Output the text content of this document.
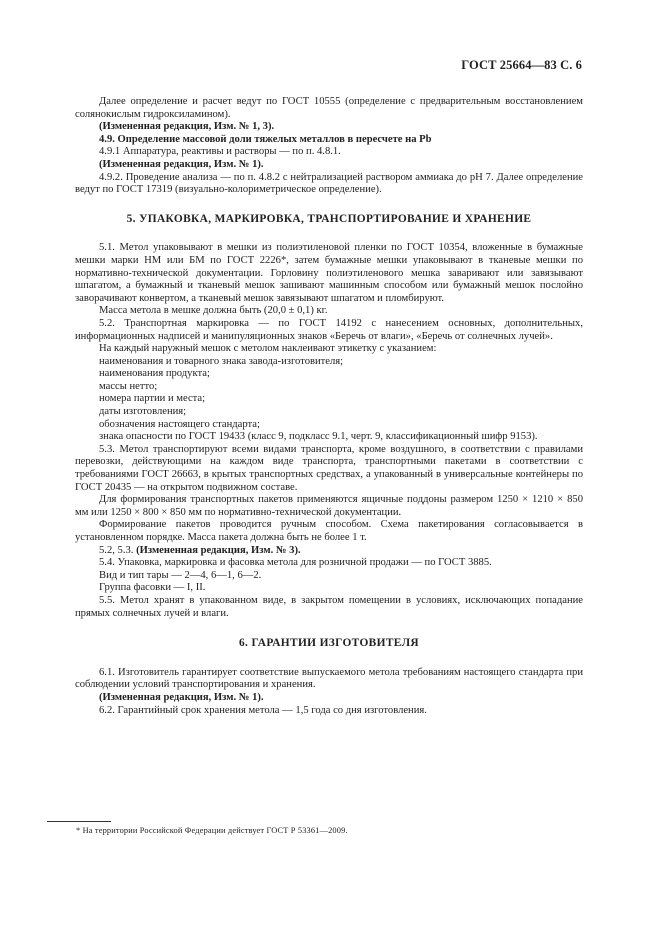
ГОСТ 25664—83 С. 6

Далее определение и расчет ведут по ГОСТ 10555 (определение с предварительным восстановлением солянокислым гидроксиламином).

(Измененная редакция, Изм. № 1, 3).

4.9. Определение массовой доли тяжелых металлов в пересчете на Pb

4.9.1 Аппаратура, реактивы и растворы — по п. 4.8.1.

(Измененная редакция, Изм. № 1).

4.9.2. Проведение анализа — по п. 4.8.2 с нейтрализацией раствором аммиака до pH 7. Далее определение ведут по ГОСТ 17319 (визуально-колориметрическое определение).

5. УПАКОВКА, МАРКИРОВКА, ТРАНСПОРТИРОВАНИЕ И ХРАНЕНИЕ

5.1. Метол упаковывают в мешки из полиэтиленовой пленки по ГОСТ 10354, вложенные в бумажные мешки марки НМ или БМ по ГОСТ 2226*, затем бумажные мешки упаковывают в тканевые мешки по нормативно-технической документации. Горловину полиэтиленового мешка заваривают или завязывают шпагатом, а бумажный и тканевый мешок зашивают машинным способом или бумажный мешок послойно заворачивают конвертом, а тканевый мешок завязывают шпагатом и пломбируют.

Масса метола в мешке должна быть (20,0 ± 0,1) кг.

5.2. Транспортная маркировка — по ГОСТ 14192 с нанесением основных, дополнительных, информационных надписей и манипуляционных знаков «Беречь от влаги», «Беречь от солнечных лучей».

На каждый наружный мешок с метолом наклеивают этикетку с указанием:

наименования и товарного знака завода-изготовителя;

наименования продукта;

массы нетто;

номера партии и места;

даты изготовления;

обозначения настоящего стандарта;

знака опасности по ГОСТ 19433 (класс 9, подкласс 9.1, черт. 9, классификационный шифр 9153).

5.3. Метол транспортируют всеми видами транспорта, кроме воздушного, в соответствии с правилами перевозки, действующими на каждом виде транспорта, транспортными пакетами в соответствии с требованиями ГОСТ 26663, в крытых транспортных средствах, а упакованный в универсальные контейнеры по ГОСТ 20435 — на открытом подвижном составе.

Для формирования транспортных пакетов применяются ящичные поддоны размером 1250 × 1210 × 850 мм или 1250 × 800 × 850 мм по нормативно-технической документации.

Формирование пакетов проводится ручным способом. Схема пакетирования согласовывается в установленном порядке. Масса пакета должна быть не более 1 т.

5.2, 5.3. (Измененная редакция, Изм. № 3).

5.4. Упаковка, маркировка и фасовка метола для розничной продажи — по ГОСТ 3885.

Вид и тип тары — 2—4, 6—1, 6—2.

Группа фасовки — I, II.

5.5. Метол хранят в упакованном виде, в закрытом помещении в условиях, исключающих попадание прямых солнечных лучей и влаги.

6. ГАРАНТИИ ИЗГОТОВИТЕЛЯ

6.1. Изготовитель гарантирует соответствие выпускаемого метола требованиям настоящего стандарта при соблюдении условий транспортирования и хранения.

(Измененная редакция, Изм. № 1).

6.2. Гарантийный срок хранения метола — 1,5 года со дня изготовления.

* На территории Российской Федерации действует ГОСТ Р 53361—2009.
